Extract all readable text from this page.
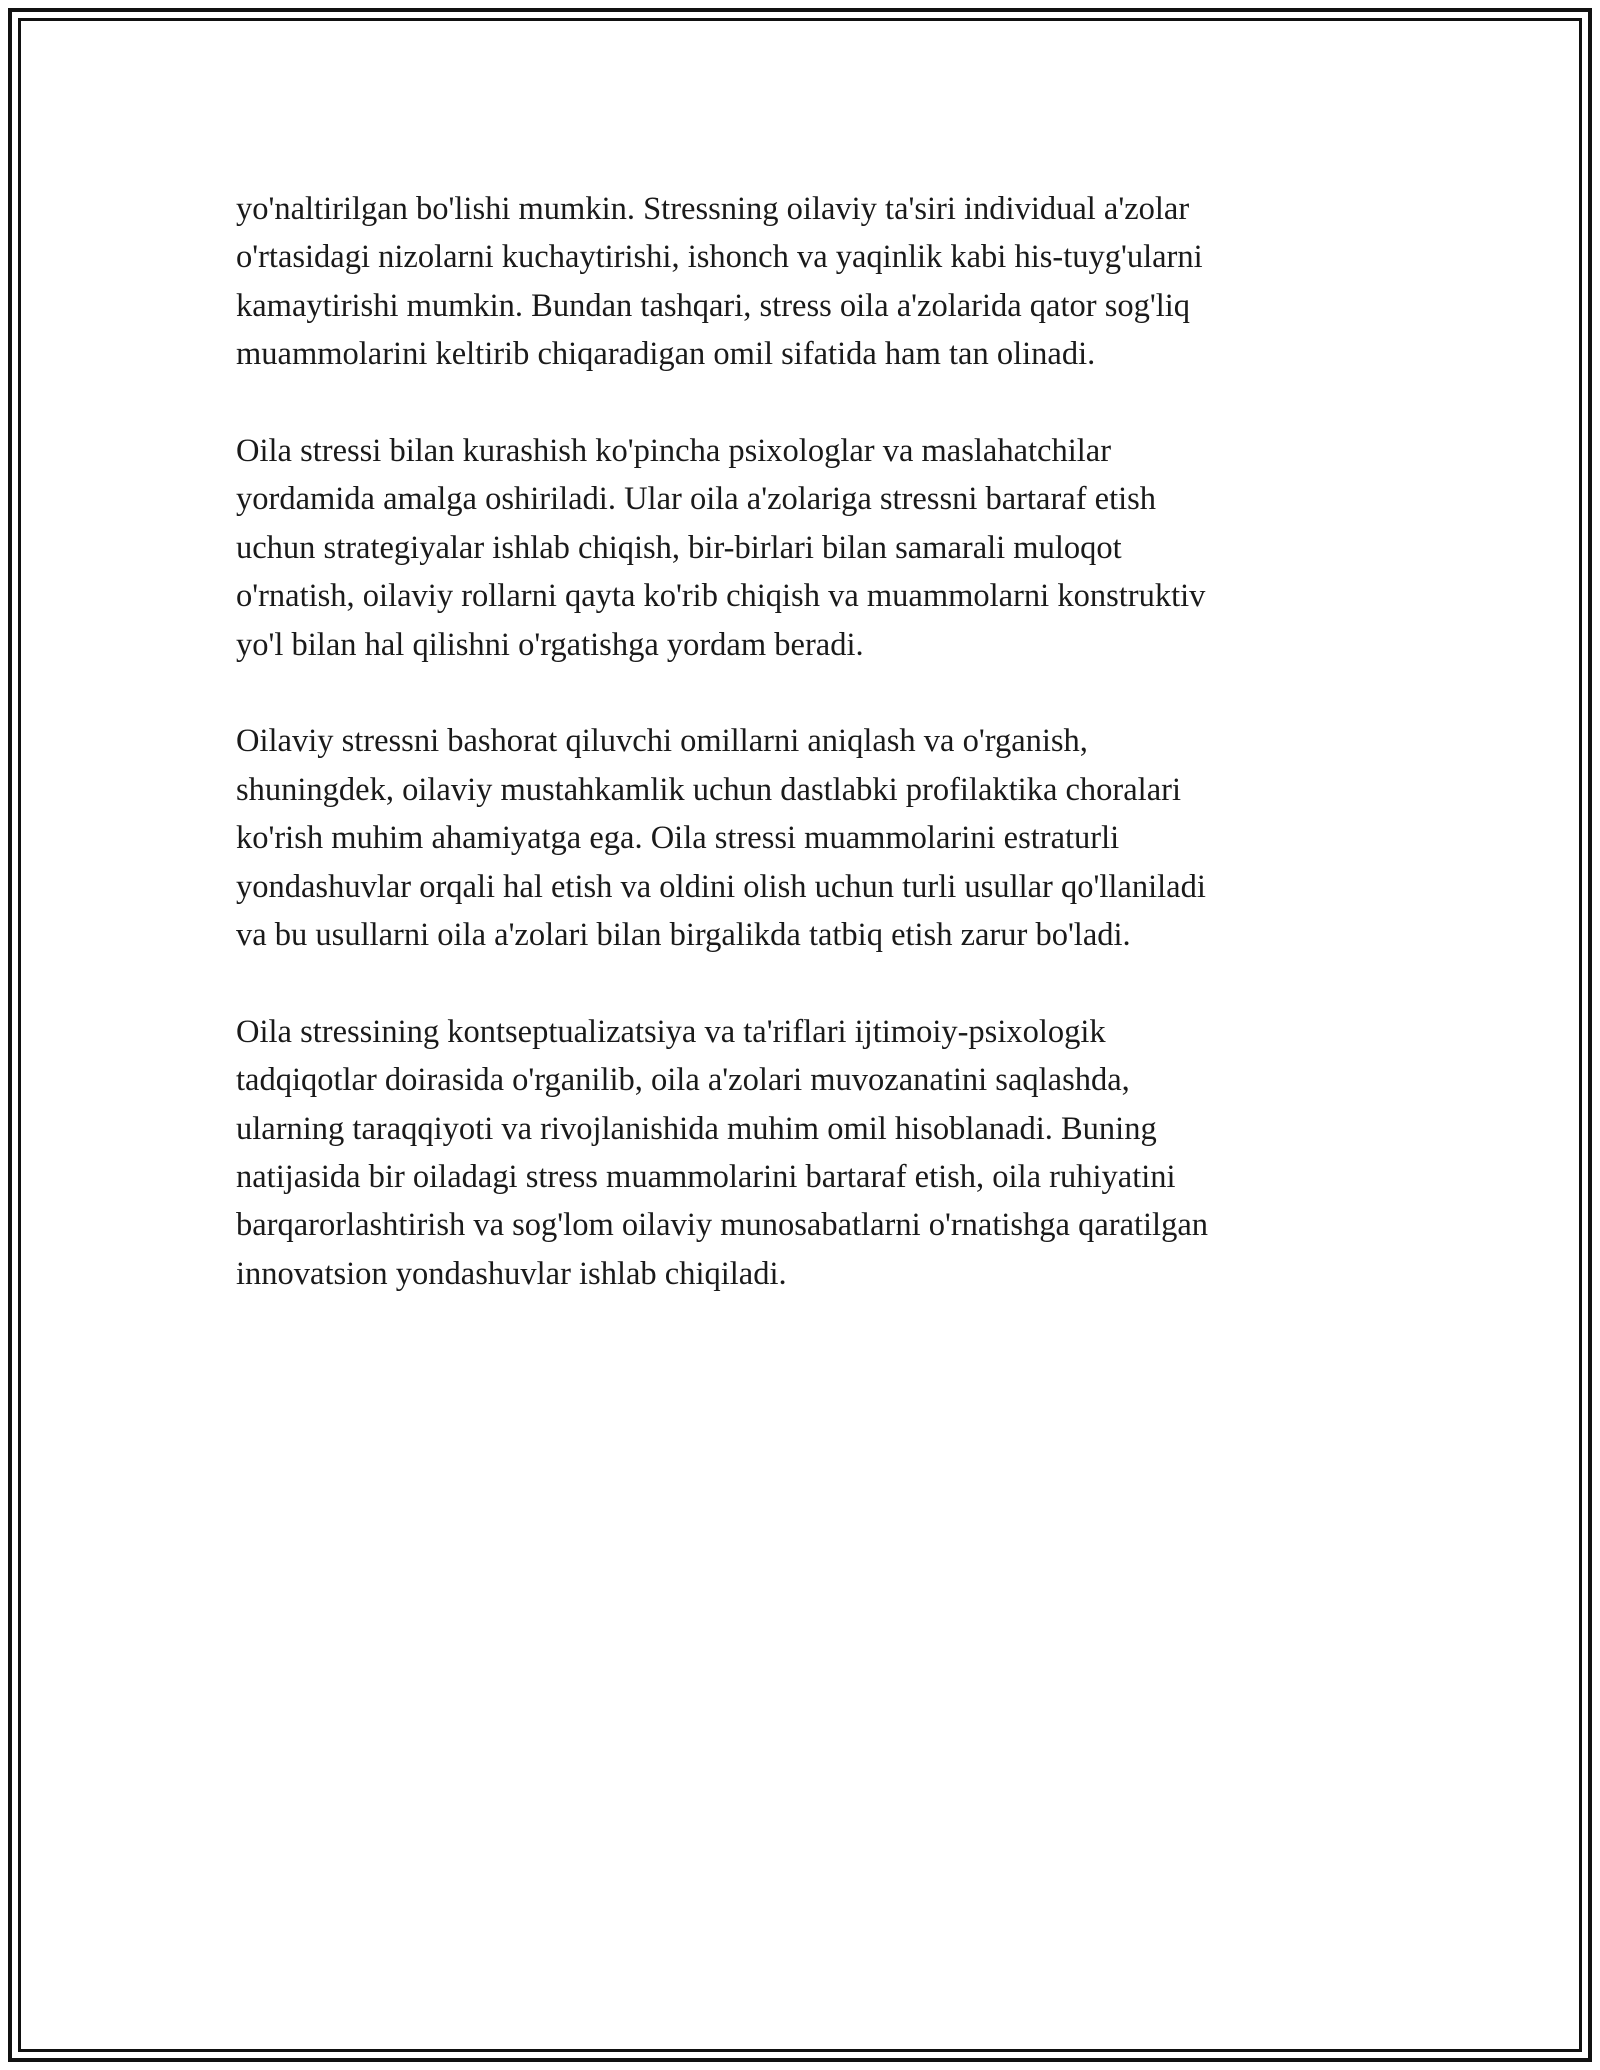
yo'naltirilgan bo'lishi mumkin. Stressning oilaviy ta'siri individual a'zolar
o'rtasidagi nizolarni kuchaytirishi, ishonch va yaqinlik kabi his-tuyg'ularni
kamaytirishi mumkin. Bundan tashqari, stress oila a'zolarida qator sog'liq
muammolarini keltirib chiqaradigan omil sifatida ham tan olinadi.

Oila stressi bilan kurashish ko'pincha psixologlar va maslahatchilar
yordamida amalga oshiriladi. Ular oila a'zolariga stressni bartaraf etish
uchun strategiyalar ishlab chiqish, bir-birlari bilan samarali muloqot
o'rnatish, oilaviy rollarni qayta ko'rib chiqish va muammolarni konstruktiv
yo'l bilan hal qilishni o'rgatishga yordam beradi.

Oilaviy stressni bashorat qiluvchi omillarni aniqlash va o'rganish,
shuningdek, oilaviy mustahkamlik uchun dastlabki profilaktika choralari
ko'rish muhim ahamiyatga ega. Oila stressi muammolarini estraturli
yondashuvlar orqali hal etish va oldini olish uchun turli usullar qo'llaniladi
va bu usullarni oila a'zolari bilan birgalikda tatbiq etish zarur bo'ladi.

Oila stressining kontseptualizatsiya va ta'riflari ijtimoiy-psixologik
tadqiqotlar doirasida o'rganilib, oila a'zolari muvozanatini saqlashda,
ularning taraqqiyoti va rivojlanishida muhim omil hisoblanadi. Buning
natijasida bir oiladagi stress muammolarini bartaraf etish, oila ruhiyatini
barqarorlashtirish va sog'lom oilaviy munosabatlarni o'rnatishga qaratilgan
innovatsion yondashuvlar ishlab chiqiladi.
